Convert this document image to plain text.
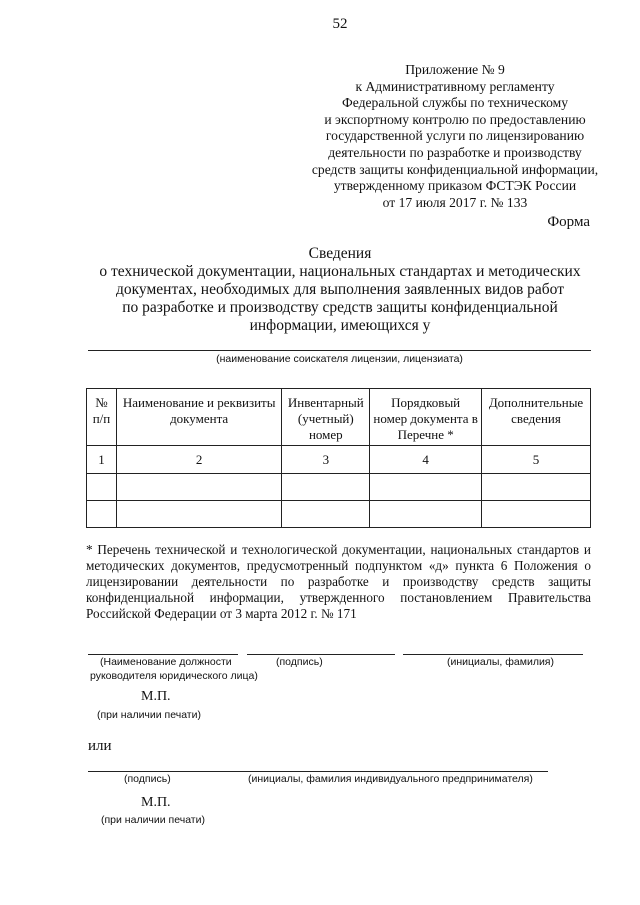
52
Приложение № 9
к Административному регламенту
Федеральной службы по техническому
и экспортному контролю по предоставлению
государственной услуги по лицензированию
деятельности по разработке и производству
средств защиты конфиденциальной информации,
утвержденному приказом ФСТЭК России
от 17 июля 2017 г. № 133
Форма
Сведения
о технической документации, национальных стандартах и методических
документах, необходимых для выполнения заявленных видов работ
по разработке и производству средств защиты конфиденциальной
информации, имеющихся у
(наименование соискателя лицензии, лицензиата)
№ п/п	Наименование и реквизиты документа	Инвентарный (учетный) номер	Порядковый номер документа в Перечне *	Дополнительные сведения
1	2	3	4	5

* Перечень технической и технологической документации, национальных стандартов и методических документов, предусмотренный подпунктом «д» пункта 6 Положения о лицензировании деятельности по разработке и производству средств защиты конфиденциальной информации, утвержденного постановлением Правительства Российской Федерации от 3 марта 2012 г. № 171
(Наименование должности
руководителя юридического лица)
(подпись)	(инициалы, фамилия)
М.П.
(при наличии печати)
или
(подпись)	(инициалы, фамилия индивидуального предпринимателя)
М.П.
(при наличии печати)
